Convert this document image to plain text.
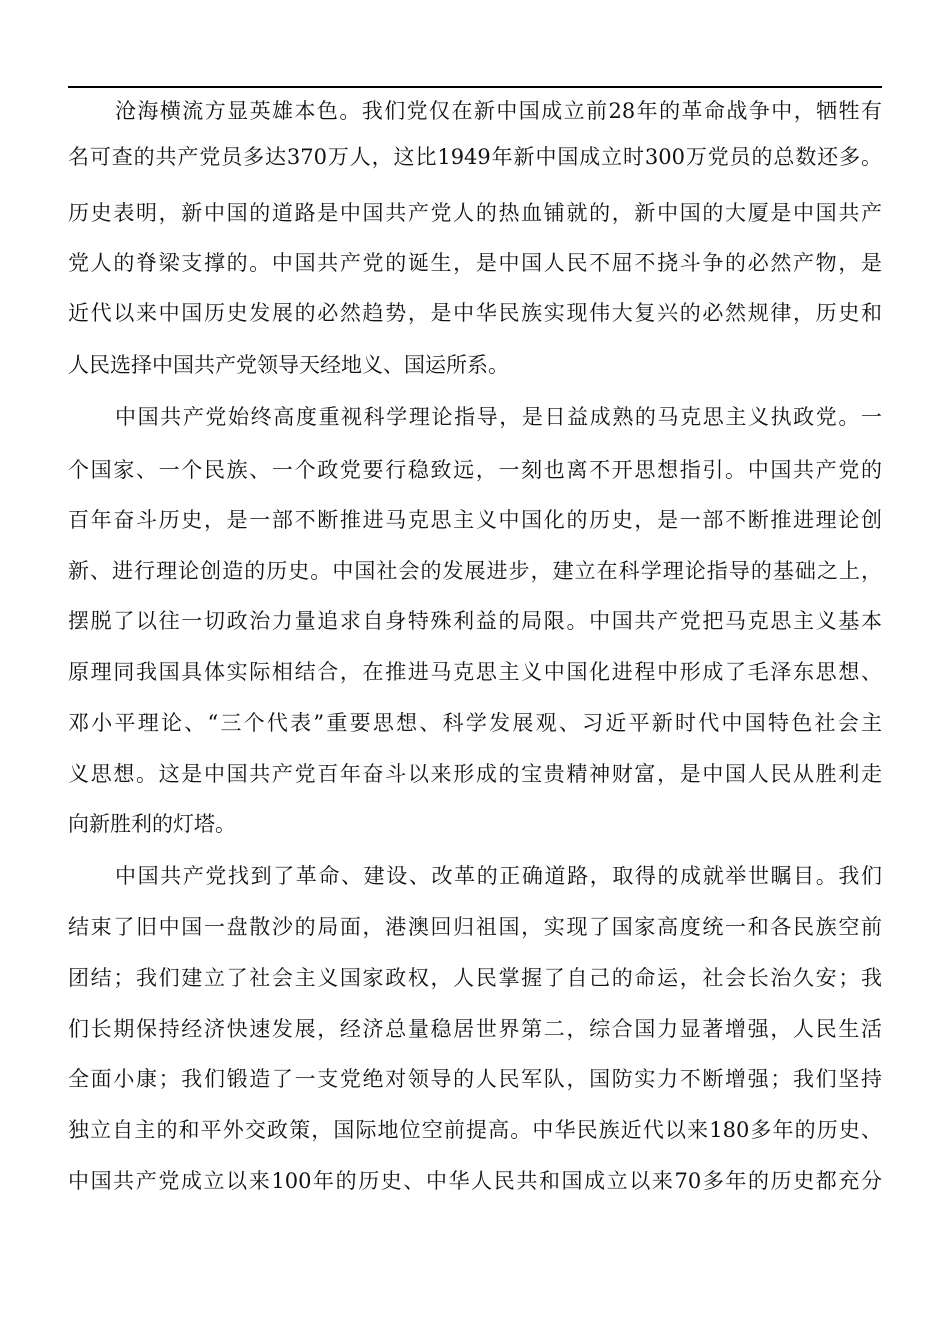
沧海横流方显英雄本色。我们党仅在新中国成立前28年的革命战争中，牺牲有
名可查的共产党员多达370万人，这比1949年新中国成立时300万党员的总数还多。
历史表明，新中国的道路是中国共产党人的热血铺就的，新中国的大厦是中国共产
党人的脊梁支撑的。中国共产党的诞生，是中国人民不屈不挠斗争的必然产物，是
近代以来中国历史发展的必然趋势，是中华民族实现伟大复兴的必然规律，历史和
人民选择中国共产党领导天经地义、国运所系。
中国共产党始终高度重视科学理论指导，是日益成熟的马克思主义执政党。一
个国家、一个民族、一个政党要行稳致远，一刻也离不开思想指引。中国共产党的
百年奋斗历史，是一部不断推进马克思主义中国化的历史，是一部不断推进理论创
新、进行理论创造的历史。中国社会的发展进步，建立在科学理论指导的基础之上，
摆脱了以往一切政治力量追求自身特殊利益的局限。中国共产党把马克思主义基本
原理同我国具体实际相结合，在推进马克思主义中国化进程中形成了毛泽东思想、
邓小平理论、“三个代表”重要思想、科学发展观、习近平新时代中国特色社会主
义思想。这是中国共产党百年奋斗以来形成的宝贵精神财富，是中国人民从胜利走
向新胜利的灯塔。
中国共产党找到了革命、建设、改革的正确道路，取得的成就举世瞩目。我们
结束了旧中国一盘散沙的局面，港澳回归祖国，实现了国家高度统一和各民族空前
团结；我们建立了社会主义国家政权，人民掌握了自己的命运，社会长治久安；我
们长期保持经济快速发展，经济总量稳居世界第二，综合国力显著增强，人民生活
全面小康；我们锻造了一支党绝对领导的人民军队，国防实力不断增强；我们坚持
独立自主的和平外交政策，国际地位空前提高。中华民族近代以来180多年的历史、
中国共产党成立以来100年的历史、中华人民共和国成立以来70多年的历史都充分
